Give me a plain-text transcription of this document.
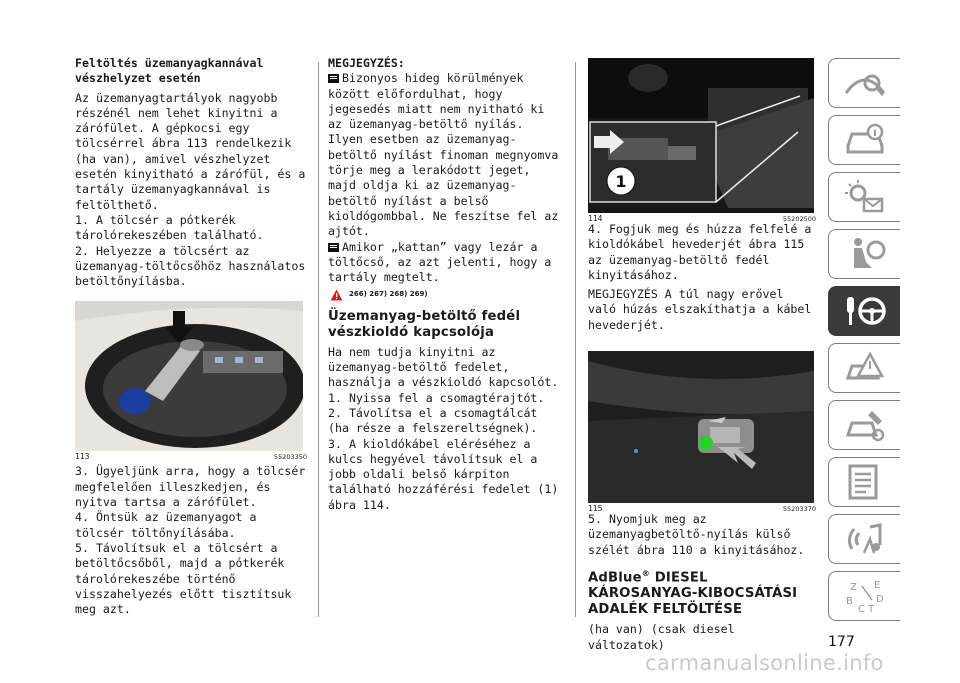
Feltöltés üzemanyagkannával vészhelyzet esetén

Az üzemanyagtartályok nagyobb részénél nem lehet kinyitni a zárófület. A gépkocsi egy tölcsérrel ábra 113 rendelkezik (ha van), amivel vészhelyzet esetén kinyitható a zárófül, és a tartály üzemanyagkannával is feltölthető.

1. A tölcsér a pótkerék tárolórekeszében található.

2. Helyezze a tölcsért az üzemanyag-töltőcsőhöz használatos betöltőnyílásba.

113	55203350

3. Ügyeljünk arra, hogy a tölcsér megfelelően illeszkedjen, és nyitva tartsa a zárófület.

4. Öntsük az üzemanyagot a tölcsér töltőnyílásába.

5. Távolítsuk el a tölcsért a betöltőcsőből, majd a pótkerék tárolórekeszébe történő visszahelyezés előtt tisztítsuk meg azt.

MEGJEGYZÉS:

Bizonyos hideg körülmények között előfordulhat, hogy jegesedés miatt nem nyitható ki az üzemanyag-betöltő nyílás. Ilyen esetben az üzemanyag-betöltő nyílást finoman megnyomva törje meg a lerakódott jeget, majd oldja ki az üzemanyag-betöltő nyílást a belső kioldógombbal. Ne feszítse fel az ajtót.

Amikor „kattan” vagy lezár a töltőcső, az azt jelenti, hogy a tartály megtelt.

266) 267) 268) 269)
Üzemanyag-betöltő fedél vészkioldó kapcsolója

Ha nem tudja kinyitni az üzemanyag-betöltő fedelet, használja a vészkioldó kapcsolót.

1. Nyissa fel a csomagtérajtót.

2. Távolítsa el a csomagtálcát (ha része a felszereltségnek).

3. A kioldókábel eléréséhez a kulcs hegyével távolítsuk el a jobb oldali belső kárpiton található hozzáférési fedelet (1) ábra 114.

1
114	55202500

4. Fogjuk meg és húzza felfelé a kioldókábel hevederjét ábra 115 az üzemanyag-betöltő fedél kinyitásához.

MEGJEGYZÉS A túl nagy erővel való húzás elszakíthatja a kábel hevederjét.

115	55203370

5. Nyomjuk meg az üzemanyagbetöltő-nyílás külső szélét ábra 110 a kinyitásához.

AdBlue® DIESEL KÁROSANYAG-KIBOCSÁTÁSI ADALÉK FELTÖLTÉSE

(ha van) (csak diesel változatok)

Z E
B
C
D
T
177
carmanualsonline.info
